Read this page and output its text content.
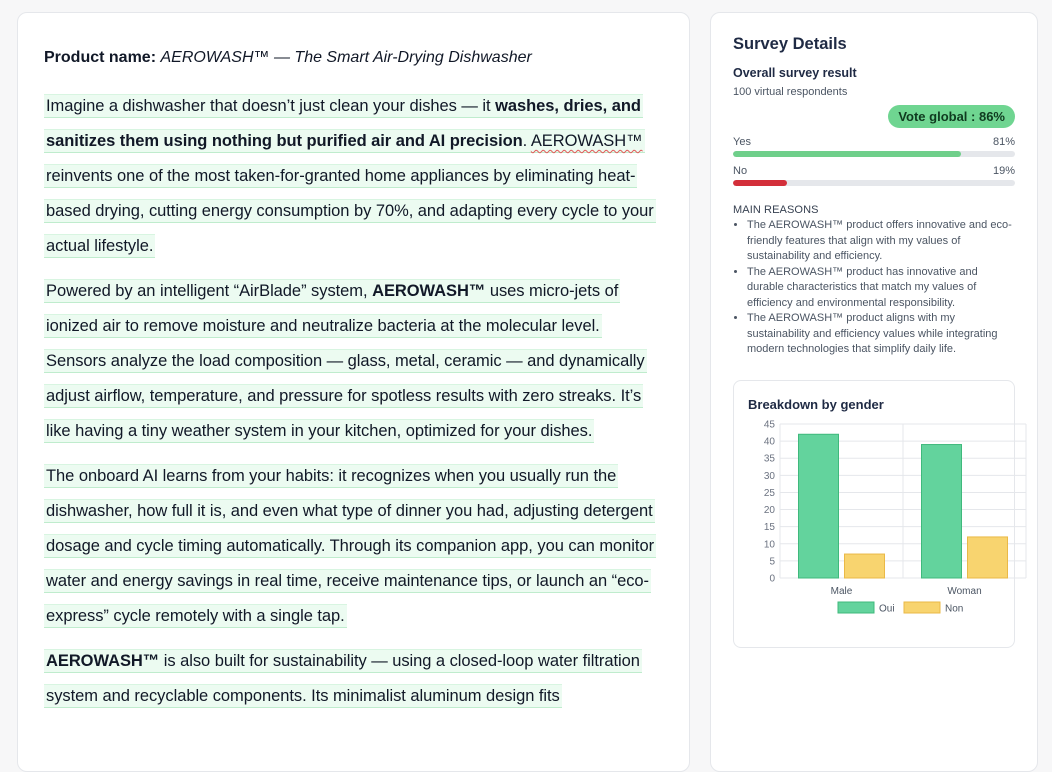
Product name: AEROWASH™ — The Smart Air-Drying Dishwasher

Imagine a dishwasher that doesn’t just clean your dishes — it washes, dries, and sanitizes them using nothing but purified air and AI precision. AEROWASH™ reinvents one of the most taken-for-granted home appliances by eliminating heat-based drying, cutting energy consumption by 70%, and adapting every cycle to your actual lifestyle.

Powered by an intelligent “AirBlade” system, AEROWASH™ uses micro-jets of ionized air to remove moisture and neutralize bacteria at the molecular level. Sensors analyze the load composition — glass, metal, ceramic — and dynamically adjust airflow, temperature, and pressure for spotless results with zero streaks. It’s like having a tiny weather system in your kitchen, optimized for your dishes.

The onboard AI learns from your habits: it recognizes when you usually run the dishwasher, how full it is, and even what type of dinner you had, adjusting detergent dosage and cycle timing automatically. Through its companion app, you can monitor water and energy savings in real time, receive maintenance tips, or launch an “eco-express” cycle remotely with a single tap.

AEROWASH™ is also built for sustainability — using a closed-loop water filtration system and recyclable components. Its minimalist aluminum design fits

Survey Details
Overall survey result

100 virtual respondents

Vote global : 86%
Yes	81%
No	19%
MAIN REASONS
• The AEROWASH™ product offers innovative and eco-friendly features that align with my values of sustainability and efficiency.
• The AEROWASH™ product has innovative and durable characteristics that match my values of efficiency and environmental responsibility.
• The AEROWASH™ product aligns with my sustainability and efficiency values while integrating modern technologies that simplify daily life.
Breakdown by gender
0
5
10
15
20
25
30
35
40
45
Male	Woman
Oui	Non
